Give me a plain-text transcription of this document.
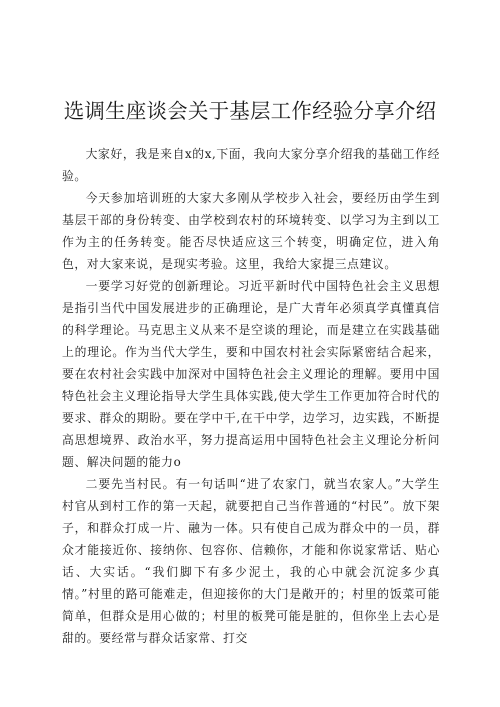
选调生座谈会关于基层工作经验分享介绍

大家好，我是来自x的x,下面，我向大家分享介绍我的基础工作经验。

今天参加培训班的大家大多刚从学校步入社会，要经历由学生到基层干部的身份转变、由学校到农村的环境转变、以学习为主到以工作为主的任务转变。能否尽快适应这三个转变，明确定位，进入角色，对大家来说，是现实考验。这里，我给大家提三点建议。

一要学习好党的创新理论。习近平新时代中国特色社会主义思想是指引当代中国发展进步的正确理论，是广大青年必须真学真懂真信的科学理论。马克思主义从来不是空谈的理论，而是建立在实践基础上的理论。作为当代大学生，要和中国农村社会实际紧密结合起来，要在农村社会实践中加深对中国特色社会主义理论的理解。要用中国特色社会主义理论指导大学生具体实践,使大学生工作更加符合时代的要求、群众的期盼。要在学中干,在干中学，边学习，边实践，不断提高思想境界、政治水平，努力提高运用中国特色社会主义理论分析问题、解决问题的能力o

二要先当村民。有一句话叫“进了农家门，就当农家人。”大学生村官从到村工作的第一天起，就要把自己当作普通的“村民”。放下架子，和群众打成一片、融为一体。只有使自己成为群众中的一员，群众才能接近你、接纳你、包容你、信赖你，才能和你说家常话、贴心话、大实话。“我们脚下有多少泥土，我的心中就会沉淀多少真情。”村里的路可能难走，但迎接你的大门是敞开的；村里的饭菜可能简单，但群众是用心做的；村里的板凳可能是脏的，但你坐上去心是甜的。要经常与群众话家常、打交
